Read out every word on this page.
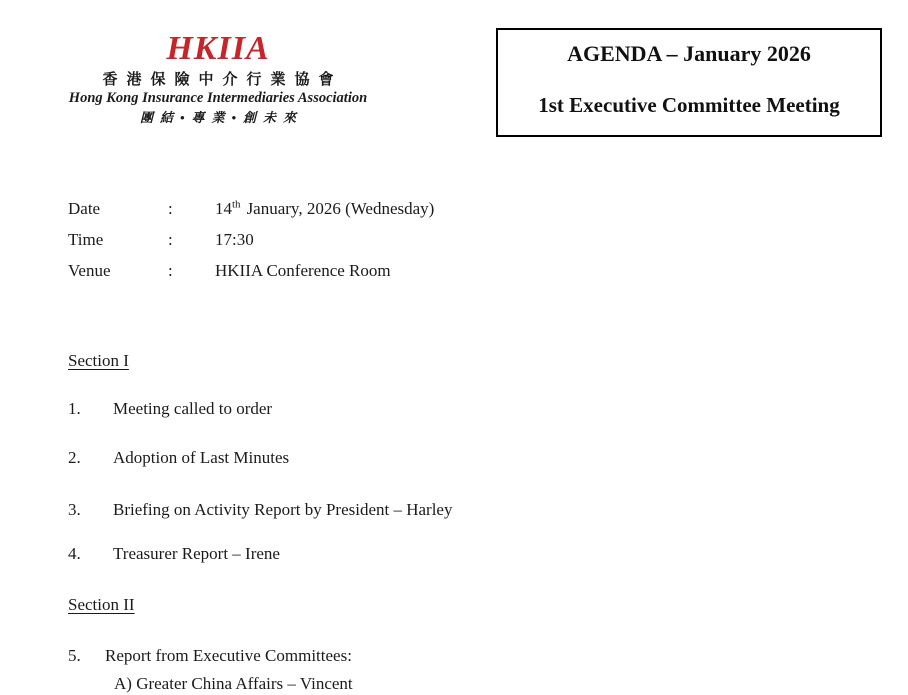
HKIIA
香港保險中介行業協會
Hong Kong Insurance Intermediaries Association
團結•專業•創未來
AGENDA – January 2026
1st Executive Committee Meeting
Date	: 14th January, 2026 (Wednesday)
Time	: 17:30
Venue	: HKIIA Conference Room
Section I
1. Meeting called to order
2. Adoption of Last Minutes
3. Briefing on Activity Report by President – Harley
4. Treasurer Report – Irene
Section II
5. Report from Executive Committees:
A) Greater China Affairs – Vincent
